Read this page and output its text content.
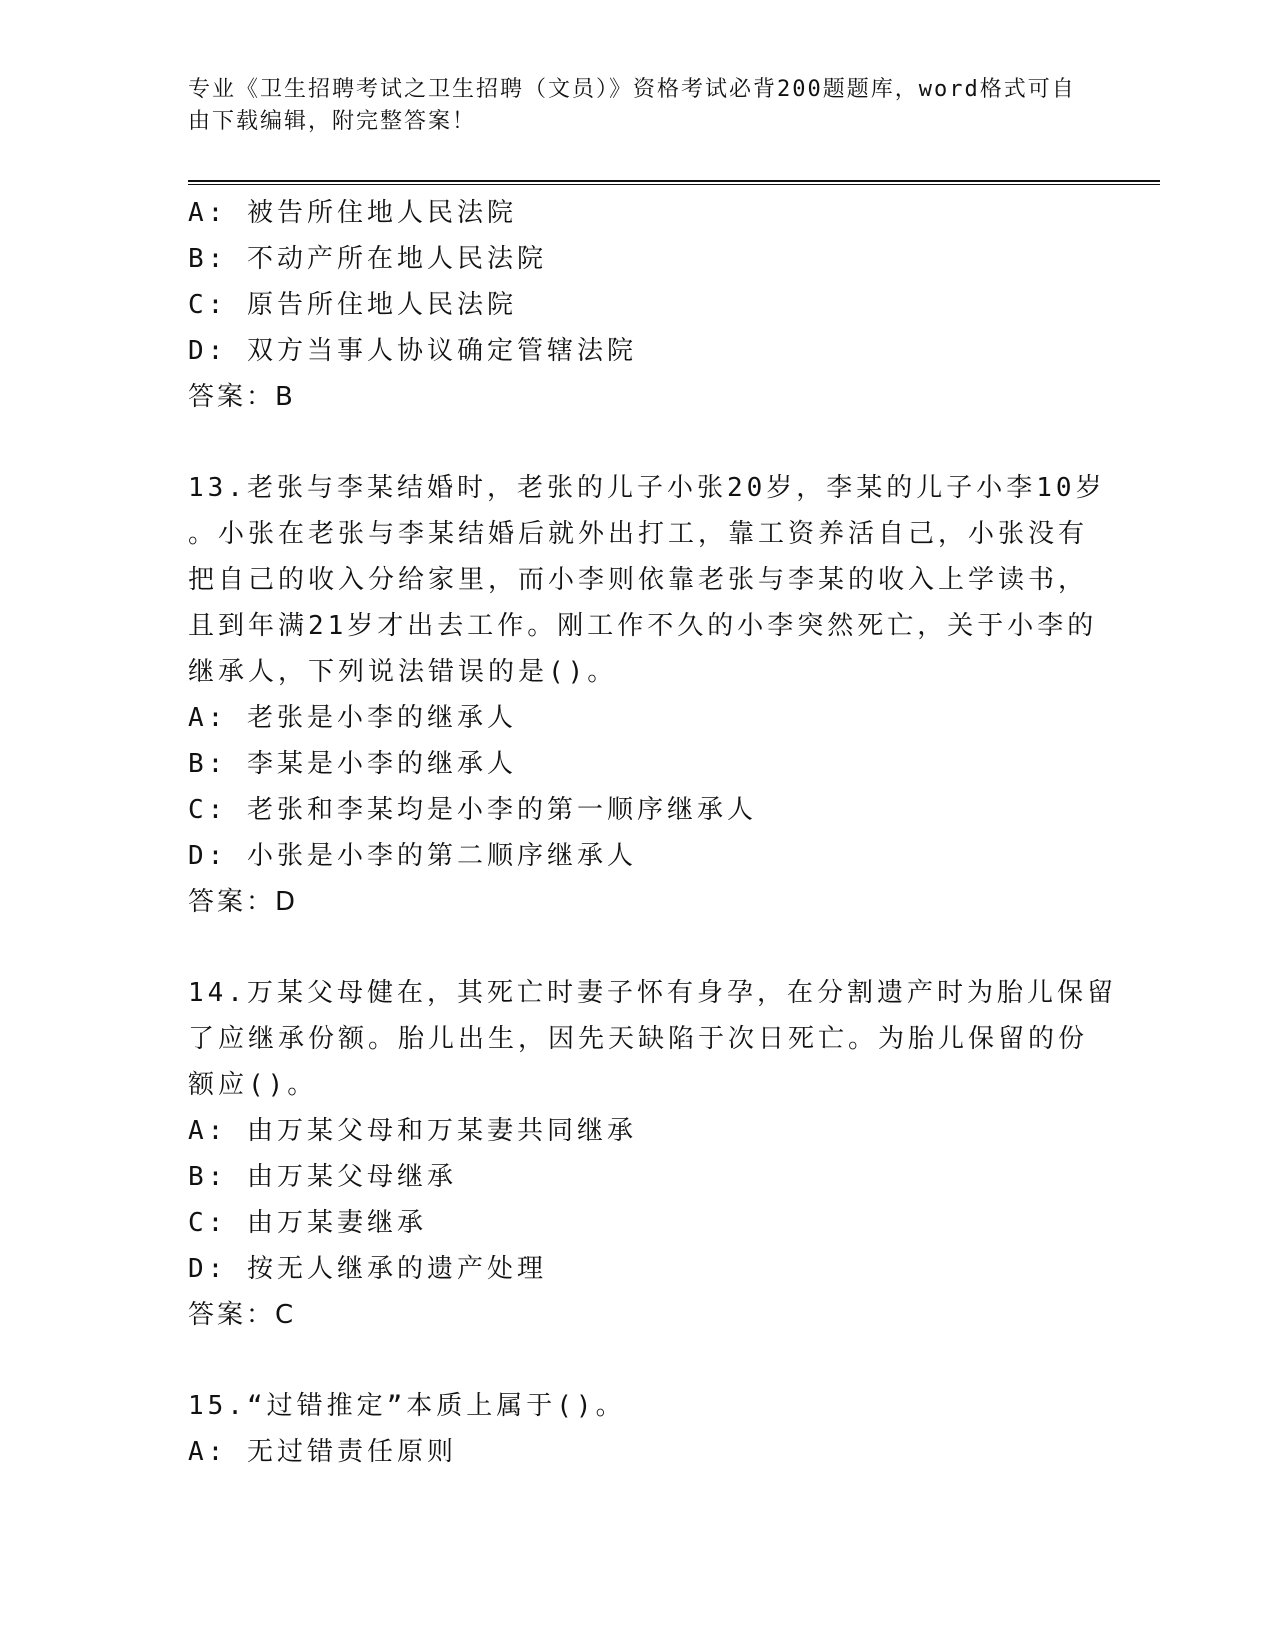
专业《卫生招聘考试之卫生招聘（文员）》资格考试必背200题题库，word格式可自由下载编辑，附完整答案！

A: 被告所住地人民法院

B: 不动产所在地人民法院

C: 原告所住地人民法院

D: 双方当事人协议确定管辖法院

答案：B

13.老张与李某结婚时，老张的儿子小张20岁，李某的儿子小李10岁

。小张在老张与李某结婚后就外出打工，靠工资养活自己，小张没有

把自己的收入分给家里，而小李则依靠老张与李某的收入上学读书，

且到年满21岁才出去工作。刚工作不久的小李突然死亡，关于小李的

继承人，下列说法错误的是()。

A: 老张是小李的继承人

B: 李某是小李的继承人

C: 老张和李某均是小李的第一顺序继承人

D: 小张是小李的第二顺序继承人

答案：D

14.万某父母健在，其死亡时妻子怀有身孕，在分割遗产时为胎儿保留

了应继承份额。胎儿出生，因先天缺陷于次日死亡。为胎儿保留的份

额应()。

A: 由万某父母和万某妻共同继承

B: 由万某父母继承

C: 由万某妻继承

D: 按无人继承的遗产处理

答案：C

15.“过错推定”本质上属于()。

A: 无过错责任原则
